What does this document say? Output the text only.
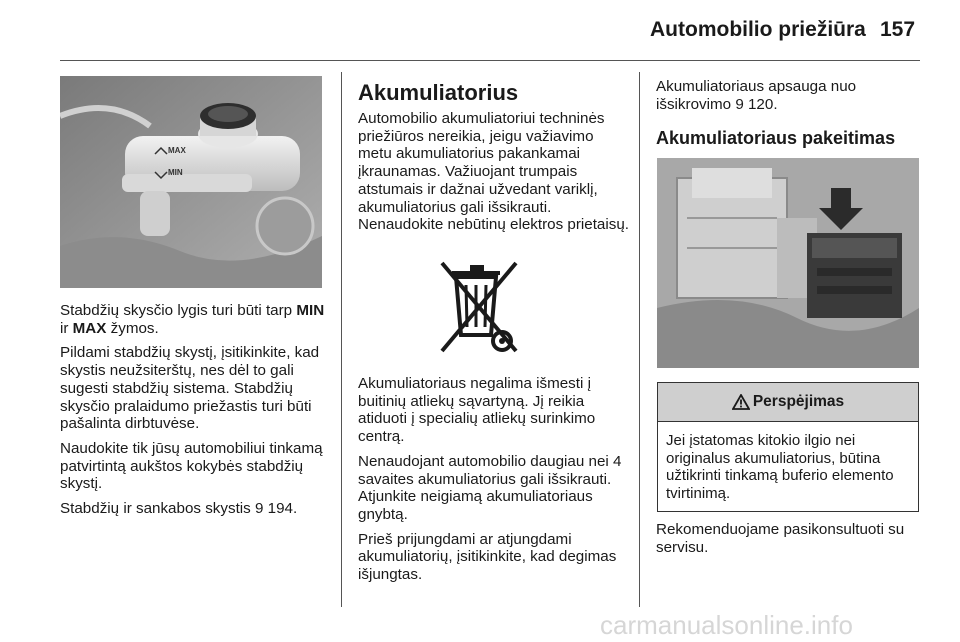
Automobilio priežiūra 157
MAX
MIN

Stabdžių skysčio lygis turi būti tarp MIN ir MAX žymos.

Pildami stabdžių skystį, įsitikinkite, kad skystis neužsiterštų, nes dėl to gali sugesti stabdžių sistema. Stabdžių skysčio pralaidumo priežastis turi būti pašalinta dirbtuvėse.

Naudokite tik jūsų automobiliui tinkamą patvirtintą aukštos kokybės stabdžių skystį.

Stabdžių ir sankabos skystis 9 194.

Akumuliatorius

Automobilio akumuliatoriui techninės priežiūros nereikia, jeigu važiavimo metu akumuliatorius pakankamai įkraunamas. Važiuojant trumpais atstumais ir dažnai užvedant variklį, akumuliatorius gali išsikrauti. Nenaudokite nebūtinų elektros prietaisų.

Akumuliatoriaus negalima išmesti į buitinių atliekų sąvartyną. Jį reikia atiduoti į specialių atliekų surinkimo centrą.

Nenaudojant automobilio daugiau nei 4 savaites akumuliatorius gali išsikrauti. Atjunkite neigiamą akumuliatoriaus gnybtą.

Prieš prijungdami ar atjungdami akumuliatorių, įsitikinkite, kad degimas išjungtas.

Akumuliatoriaus apsauga nuo išsikrovimo 9 120.

Akumuliatoriaus pakeitimas
Perspėjimas
Jei įstatomas kitokio ilgio nei originalus akumuliatorius, būtina užtikrinti tinkamą buferio elemento tvirtinimą.

Rekomenduojame pasikonsultuoti su servisu.

carmanualsonline.info
